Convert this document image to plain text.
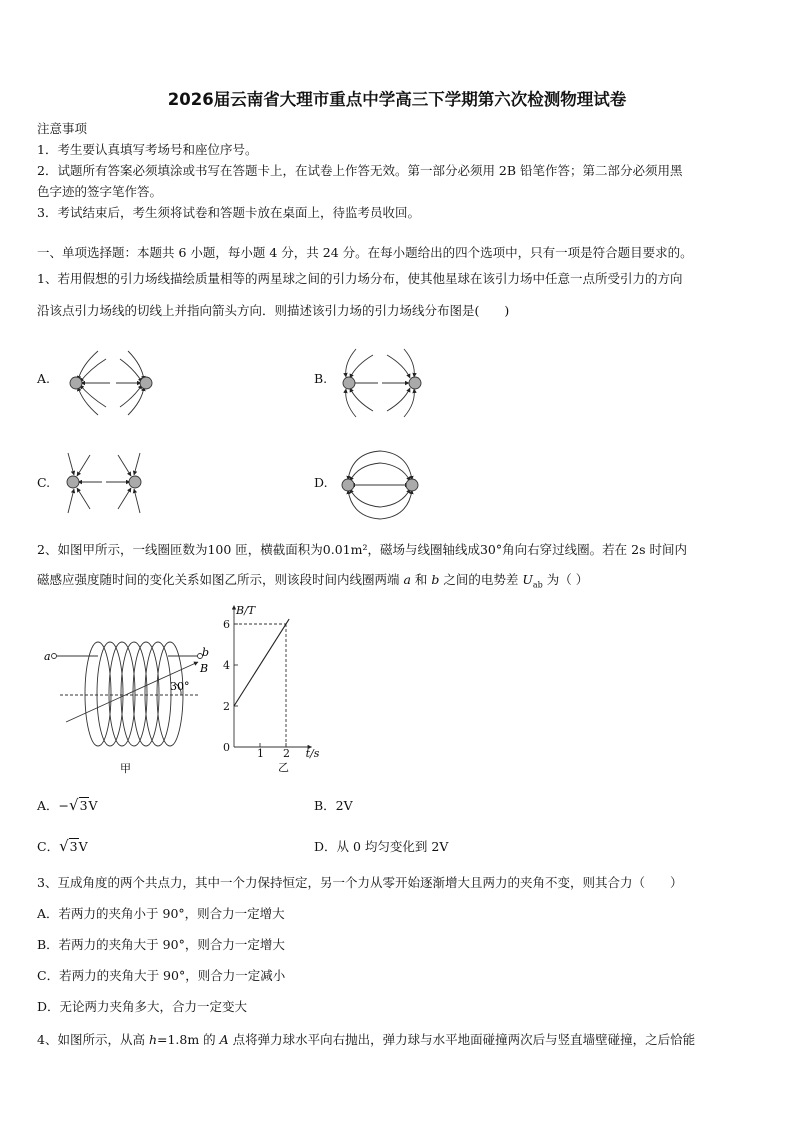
2026届云南省大理市重点中学高三下学期第六次检测物理试卷
注意事项
1．考生要认真填写考场号和座位序号。
2．试题所有答案必须填涂或书写在答题卡上，在试卷上作答无效。第一部分必须用 2B 铅笔作答；第二部分必须用黑
色字迹的签字笔作答。
3．考试结束后，考生须将试卷和答题卡放在桌面上，待监考员收回。
一、单项选择题：本题共 6 小题，每小题 4 分，共 24 分。在每小题给出的四个选项中，只有一项是符合题目要求的。
1、若用假想的引力场线描绘质量相等的两星球之间的引力场分布，使其他星球在该引力场中任意一点所受引力的方向
沿该点引力场线的切线上并指向箭头方向．则描述该引力场的引力场线分布图是(　　)
A.	B.
C.	D.
2、如图甲所示，一线圈匝数为100 匝，横截面积为0.01m²，磁场与线圈轴线成30°角向右穿过线圈。若在 2s 时间内
磁感应强度随时间的变化关系如图乙所示，则该段时间内线圈两端 a 和 b 之间的电势差 $U_{ab}$ 为（ ）
a	b
B
30°
甲
6
4
2
1 2
0
B/T
t/s
乙
A．−√3V	B．2V
C．√3V	D．从 0 均匀变化到 2V
3、互成角度的两个共点力，其中一个力保持恒定，另一个力从零开始逐渐增大且两力的夹角不变，则其合力（　　）
A．若两力的夹角小于 90°，则合力一定增大
B．若两力的夹角大于 90°，则合力一定增大
C．若两力的夹角大于 90°，则合力一定减小
D．无论两力夹角多大，合力一定变大
4、如图所示，从高 h=1.8m 的 A 点将弹力球水平向右抛出，弹力球与水平地面碰撞两次后与竖直墙壁碰撞，之后恰能
